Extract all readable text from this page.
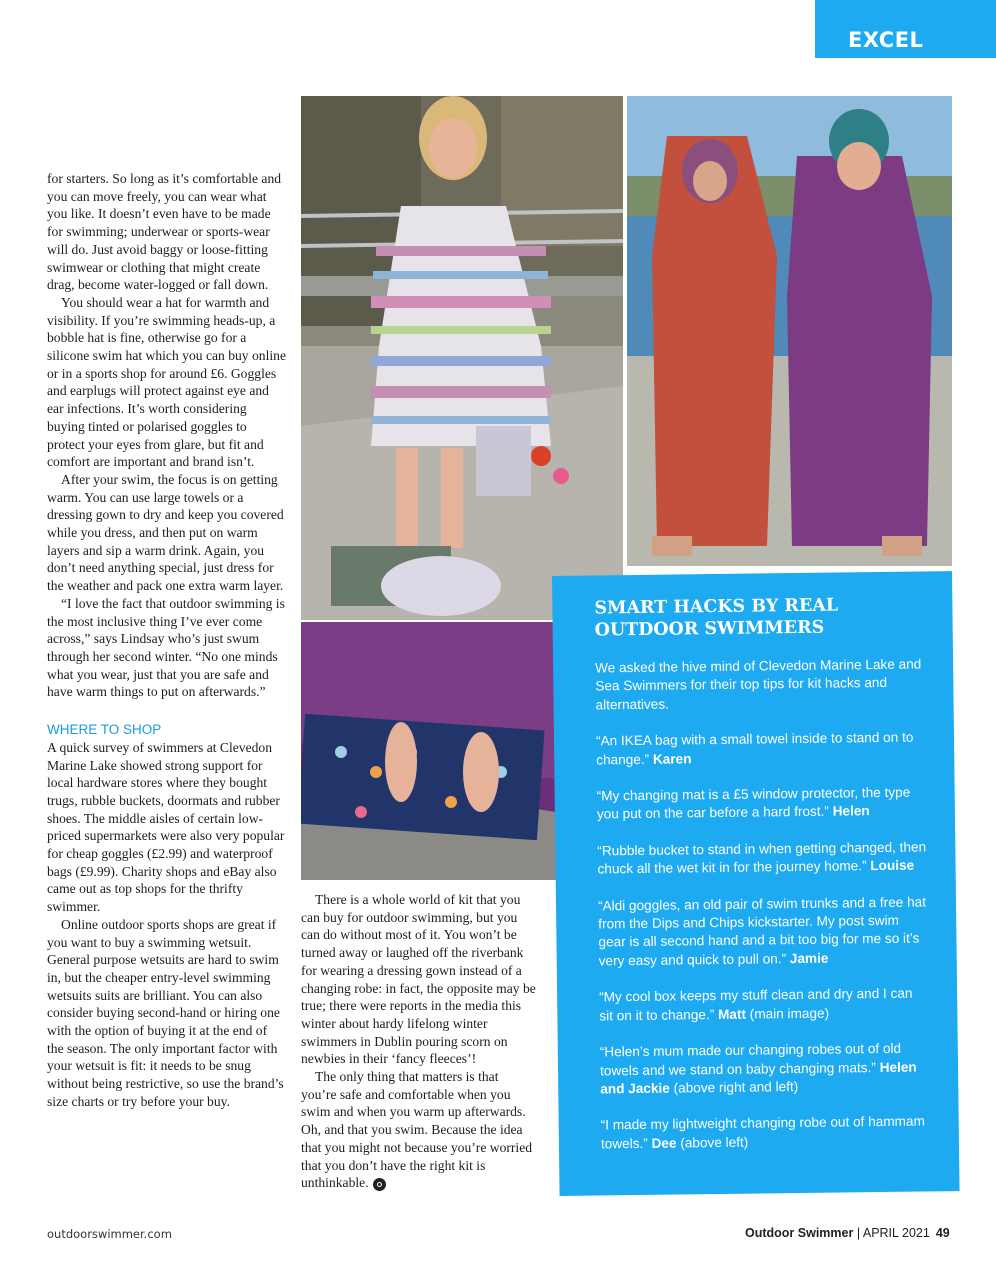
EXCEL

for starters. So long as it’s comfortable and you can move freely, you can wear what you like. It doesn’t even have to be made for swimming; underwear or sports-wear will do. Just avoid baggy or loose-fitting swimwear or clothing that might create drag, become water-logged or fall down.

You should wear a hat for warmth and visibility. If you’re swimming heads-up, a bobble hat is fine, otherwise go for a silicone swim hat which you can buy online or in a sports shop for around £6. Goggles and earplugs will protect against eye and ear infections. It’s worth considering buying tinted or polarised goggles to protect your eyes from glare, but fit and comfort are important and brand isn’t.

After your swim, the focus is on getting warm. You can use large towels or a dressing gown to dry and keep you covered while you dress, and then put on warm layers and sip a warm drink. Again, you don’t need anything special, just dress for the weather and pack one extra warm layer.

“I love the fact that outdoor swimming is the most inclusive thing I’ve ever come across,” says Lindsay who’s just swum through her second winter. “No one minds what you wear, just that you are safe and have warm things to put on afterwards.”

WHERE TO SHOP

A quick survey of swimmers at Clevedon Marine Lake showed strong support for local hardware stores where they bought trugs, rubble buckets, doormats and rubber shoes. The middle aisles of certain low-priced supermarkets were also very popular for cheap goggles (£2.99) and waterproof bags (£9.99). Charity shops and eBay also came out as top shops for the thrifty swimmer.

Online outdoor sports shops are great if you want to buy a swimming wetsuit. General purpose wetsuits are hard to swim in, but the cheaper entry-level swimming wetsuits suits are brilliant. You can also consider buying second-hand or hiring one with the option of buying it at the end of the season. The only important factor with your wetsuit is fit: it needs to be snug without being restrictive, so use the brand’s size charts or try before your buy.

There is a whole world of kit that you can buy for outdoor swimming, but you can do without most of it. You won’t be turned away or laughed off the riverbank for wearing a dressing gown instead of a changing robe: in fact, the opposite may be true; there were reports in the media this winter about hardy lifelong winter swimmers in Dublin pouring scorn on newbies in their ‘fancy fleeces’!

The only thing that matters is that you’re safe and comfortable when you swim and when you warm up afterwards. Oh, and that you swim. Because the idea that you might not because you’re worried that you don’t have the right kit is unthinkable.

SMART HACKS BY REAL OUTDOOR SWIMMERS

We asked the hive mind of Clevedon Marine Lake and Sea Swimmers for their top tips for kit hacks and alternatives.

“An IKEA bag with a small towel inside to stand on to change.” Karen

“My changing mat is a £5 window protector, the type you put on the car before a hard frost.” Helen

“Rubble bucket to stand in when getting changed, then chuck all the wet kit in for the journey home.” Louise

“Aldi goggles, an old pair of swim trunks and a free hat from the Dips and Chips kickstarter. My post swim gear is all second hand and a bit too big for me so it’s very easy and quick to pull on.” Jamie

“My cool box keeps my stuff clean and dry and I can sit on it to change.” Matt (main image)

“Helen’s mum made our changing robes out of old towels and we stand on baby changing mats.” Helen and Jackie (above right and left)

“I made my lightweight changing robe out of hammam towels.” Dee (above left)

outdoorswimmer.com	Outdoor Swimmer | APRIL 2021 49
